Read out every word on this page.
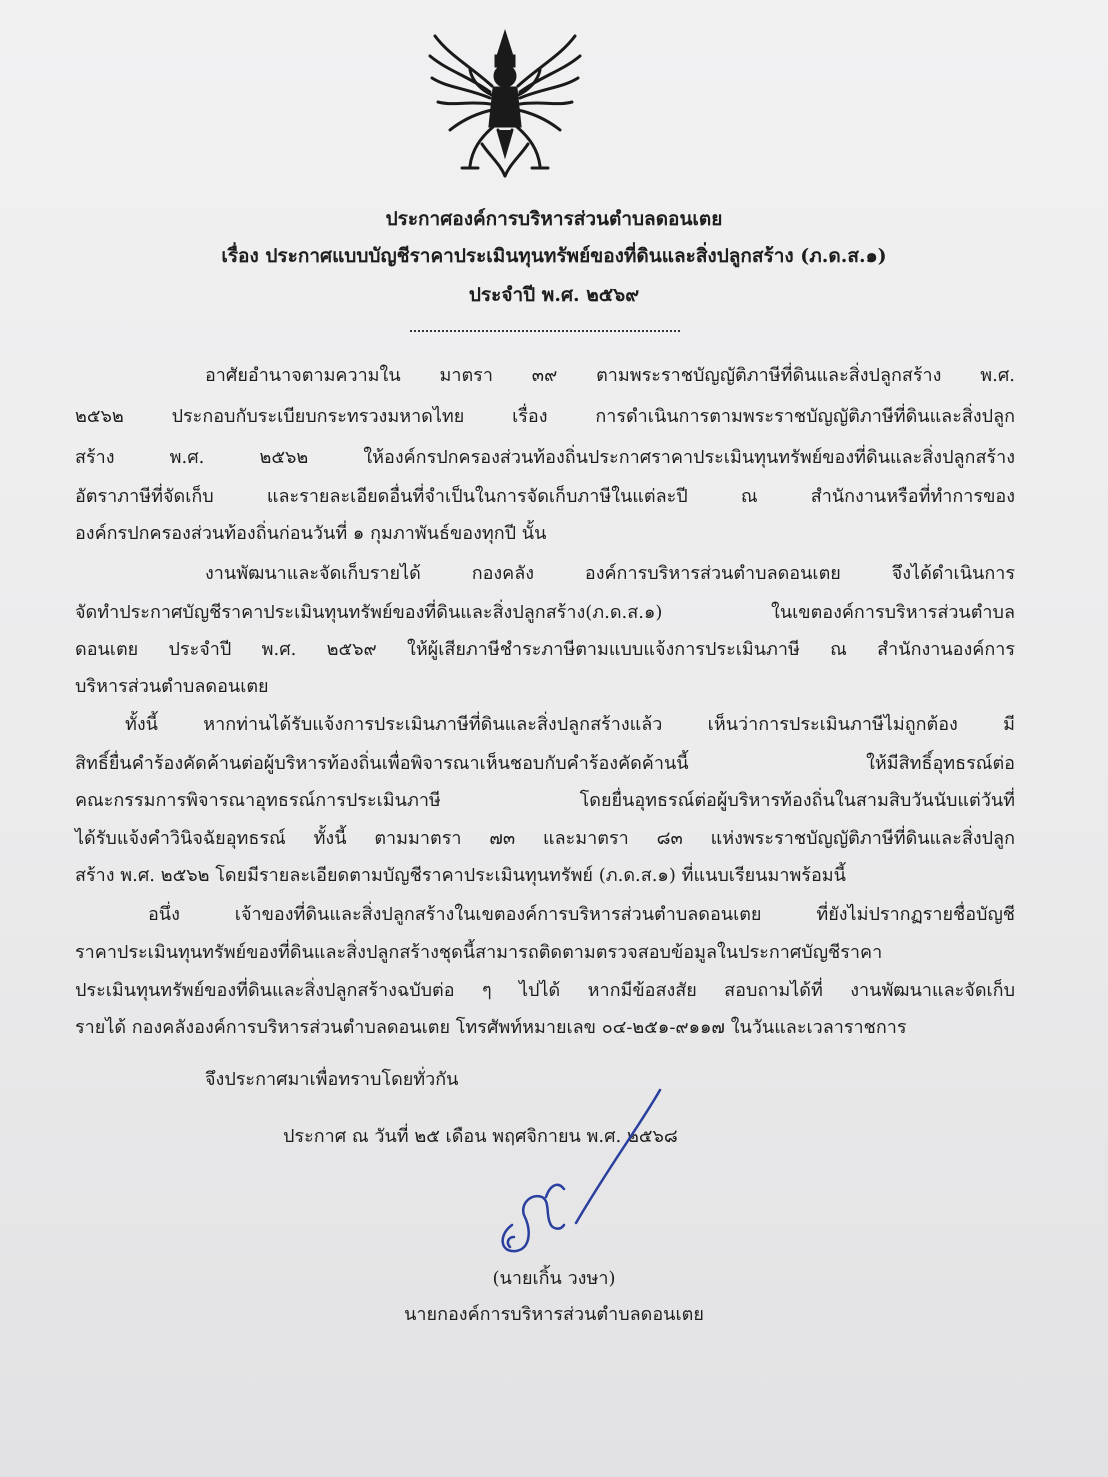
ประกาศองค์การบริหารส่วนตำบลดอนเตย
เรื่อง ประกาศแบบบัญชีราคาประเมินทุนทรัพย์ของที่ดินและสิ่งปลูกสร้าง (ภ.ด.ส.๑)
ประจำปี พ.ศ. ๒๕๖๙
อาศัยอำนาจตามความใน มาตรา ๓๙ ตามพระราชบัญญัติภาษีที่ดินและสิ่งปลูกสร้าง พ.ศ.
๒๕๖๒ ประกอบกับระเบียบกระทรวงมหาดไทย เรื่อง การดำเนินการตามพระราชบัญญัติภาษีที่ดินและสิ่งปลูก
สร้าง พ.ศ. ๒๕๖๒ ให้องค์กรปกครองส่วนท้องถิ่นประกาศราคาประเมินทุนทรัพย์ของที่ดินและสิ่งปลูกสร้าง
อัตราภาษีที่จัดเก็บ และรายละเอียดอื่นที่จำเป็นในการจัดเก็บภาษีในแต่ละปี ณ สำนักงานหรือที่ทำการของ
องค์กรปกครองส่วนท้องถิ่นก่อนวันที่ ๑ กุมภาพันธ์ของทุกปี นั้น
งานพัฒนาและจัดเก็บรายได้ กองคลัง องค์การบริหารส่วนตำบลดอนเตย จึงได้ดำเนินการ
จัดทำประกาศบัญชีราคาประเมินทุนทรัพย์ของที่ดินและสิ่งปลูกสร้าง(ภ.ด.ส.๑) ในเขตองค์การบริหารส่วนตำบล
ดอนเตย ประจำปี พ.ศ. ๒๕๖๙ ให้ผู้เสียภาษีชำระภาษีตามแบบแจ้งการประเมินภาษี ณ สำนักงานองค์การ
บริหารส่วนตำบลดอนเตย
ทั้งนี้ หากท่านได้รับแจ้งการประเมินภาษีที่ดินและสิ่งปลูกสร้างแล้ว เห็นว่าการประเมินภาษีไม่ถูกต้อง มี
สิทธิ์ยื่นคำร้องคัดค้านต่อผู้บริหารท้องถิ่นเพื่อพิจารณาเห็นชอบกับคำร้องคัดค้านนี้ ให้มีสิทธิ์อุทธรณ์ต่อ
คณะกรรมการพิจารณาอุทธรณ์การประเมินภาษี โดยยื่นอุทธรณ์ต่อผู้บริหารท้องถิ่นในสามสิบวันนับแต่วันที่
ได้รับแจ้งคำวินิจฉัยอุทธรณ์ ทั้งนี้ ตามมาตรา ๗๓ และมาตรา ๘๓ แห่งพระราชบัญญัติภาษีที่ดินและสิ่งปลูก
สร้าง พ.ศ. ๒๕๖๒ โดยมีรายละเอียดตามบัญชีราคาประเมินทุนทรัพย์ (ภ.ด.ส.๑) ที่แนบเรียนมาพร้อมนี้
อนึ่ง เจ้าของที่ดินและสิ่งปลูกสร้างในเขตองค์การบริหารส่วนตำบลดอนเตย ที่ยังไม่ปรากฏรายชื่อบัญชี
ราคาประเมินทุนทรัพย์ของที่ดินและสิ่งปลูกสร้างชุดนี้สามารถติดตามตรวจสอบข้อมูลในประกาศบัญชีราคา
ประเมินทุนทรัพย์ของที่ดินและสิ่งปลูกสร้างฉบับต่อ ๆ ไปได้ หากมีข้อสงสัย สอบถามได้ที่ งานพัฒนาและจัดเก็บ
รายได้ กองคลังองค์การบริหารส่วนตำบลดอนเตย โทรศัพท์หมายเลข ๐๔-๒๕๑-๙๑๑๗ ในวันและเวลาราชการ
จึงประกาศมาเพื่อทราบโดยทั่วกัน
ประกาศ ณ วันที่ ๒๕ เดือน พฤศจิกายน พ.ศ. ๒๕๖๘
(นายเกิ้น วงษา)
นายกองค์การบริหารส่วนตำบลดอนเตย
